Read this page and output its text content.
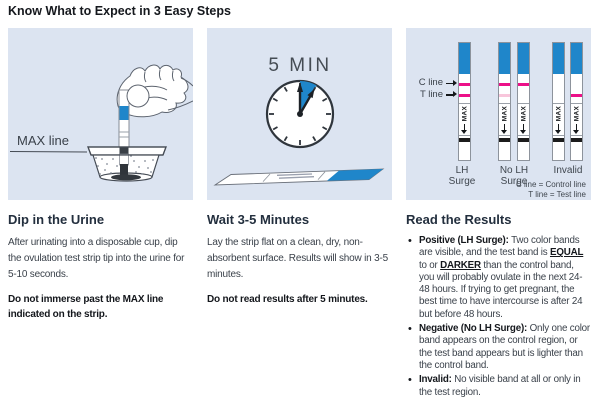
Know What to Expect in 3 Easy Steps
MAX line
Dip in the Urine

After urinating into a disposable cup, dip the ovulation test strip tip into the urine for 5-10 seconds.

Do not immerse past the MAX line indicated on the strip.

5 MIN
Wait 3-5 Minutes

Lay the strip flat on a clean, dry, non-absorbent surface. Results will show in 3-5 minutes.

Do not read results after 5 minutes.

MAX	MAX MAX	MAX MAX
C line
T line
LH
Surge
No LH
Surge
Invalid
C line = Control line
T line = Test line
Read the Results
• Positive (LH Surge): Two color bands are visible, and the test band is EQUAL to or DARKER than the control band, you will probably ovulate in the next 24-48 hours. If trying to get pregnant, the best time to have intercourse is after 24 but before 48 hours.
• Negative (No LH Surge): Only one color band appears on the control region, or the test band appears but is lighter than the control band.
• Invalid: No visible band at all or only in the test region.
